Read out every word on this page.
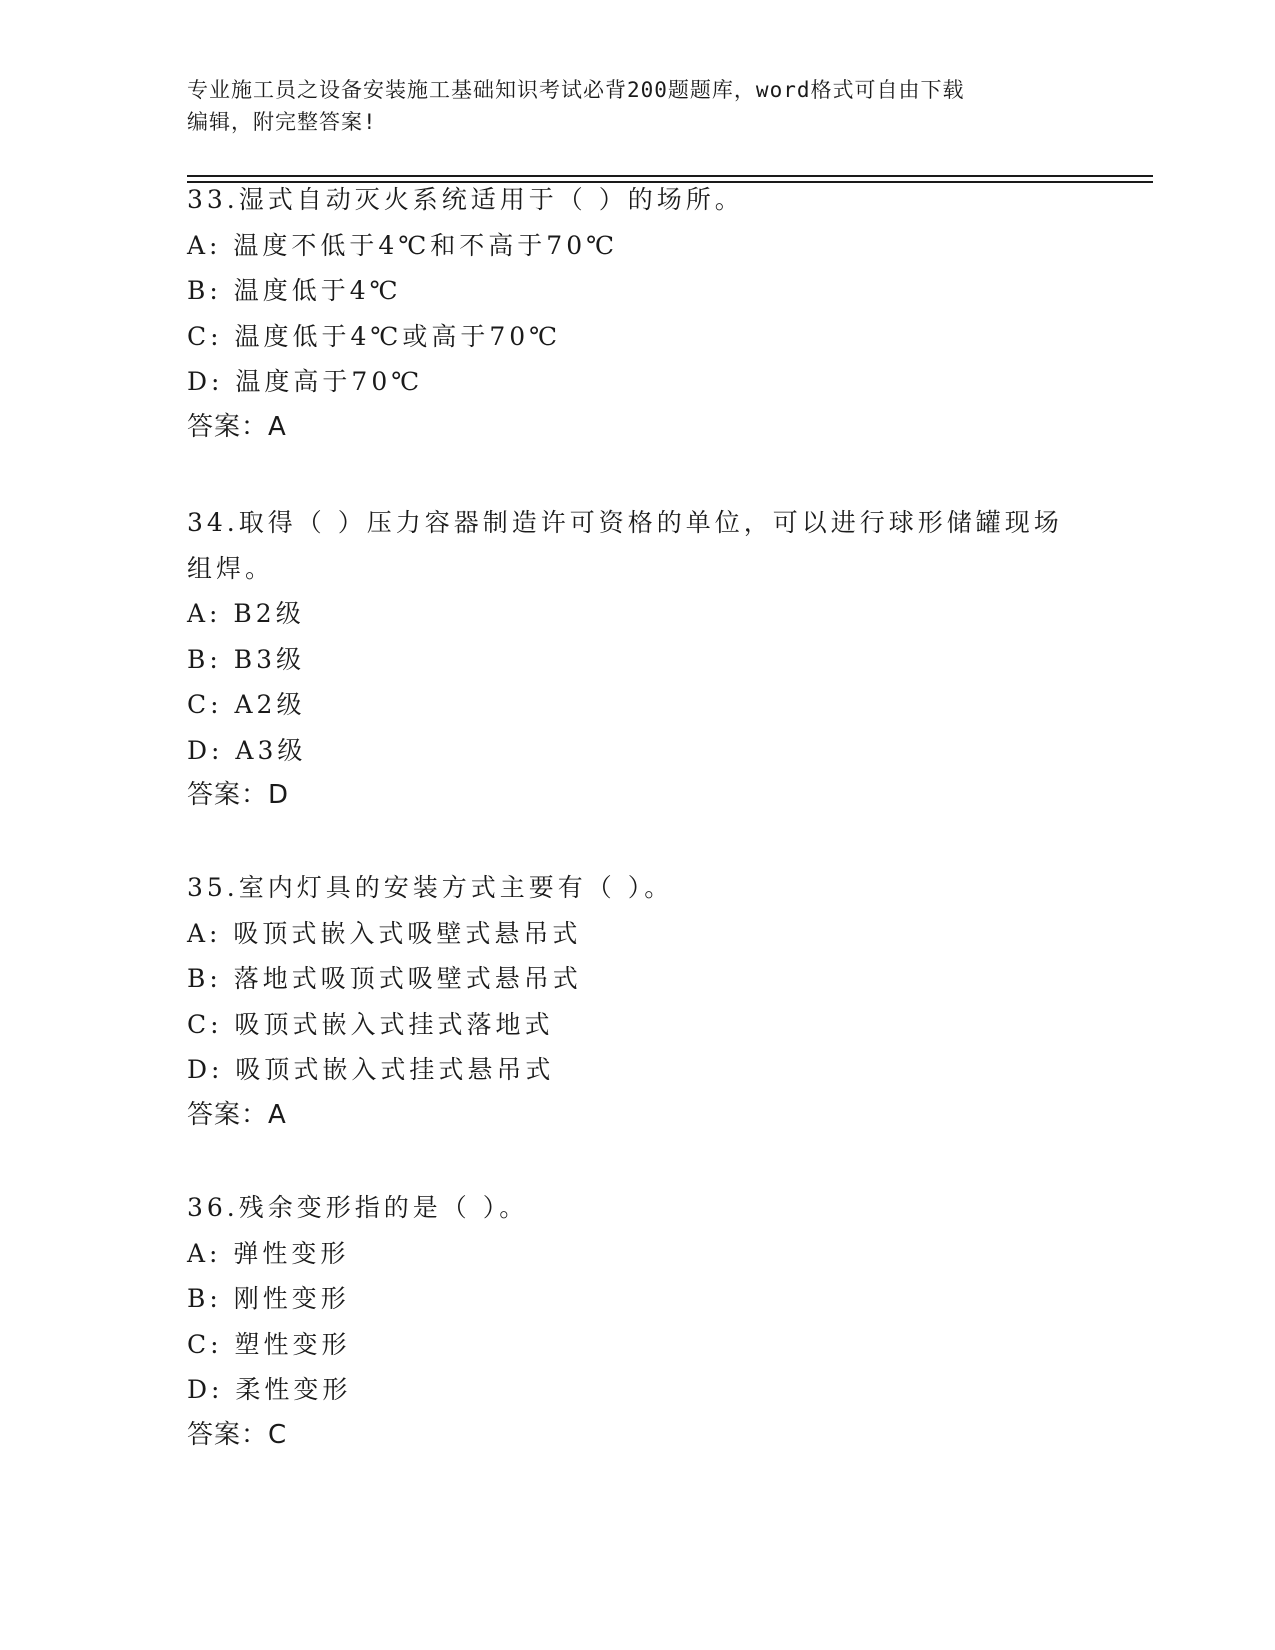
专业施工员之设备安装施工基础知识考试必背200题题库，word格式可自由下载
编辑，附完整答案!
33.湿式自动灭火系统适用于（ ）的场所。
A: 温度不低于4℃和不高于70℃
B: 温度低于4℃
C: 温度低于4℃或高于70℃
D: 温度高于70℃
答案：A
34.取得（ ）压力容器制造许可资格的单位，可以进行球形储罐现场
组焊。
A: B2级
B: B3级
C: A2级
D: A3级
答案：D
35.室内灯具的安装方式主要有（ ）。
A: 吸顶式嵌入式吸壁式悬吊式
B: 落地式吸顶式吸壁式悬吊式
C: 吸顶式嵌入式挂式落地式
D: 吸顶式嵌入式挂式悬吊式
答案：A
36.残余变形指的是（ ）。
A: 弹性变形
B: 刚性变形
C: 塑性变形
D: 柔性变形
答案：C
